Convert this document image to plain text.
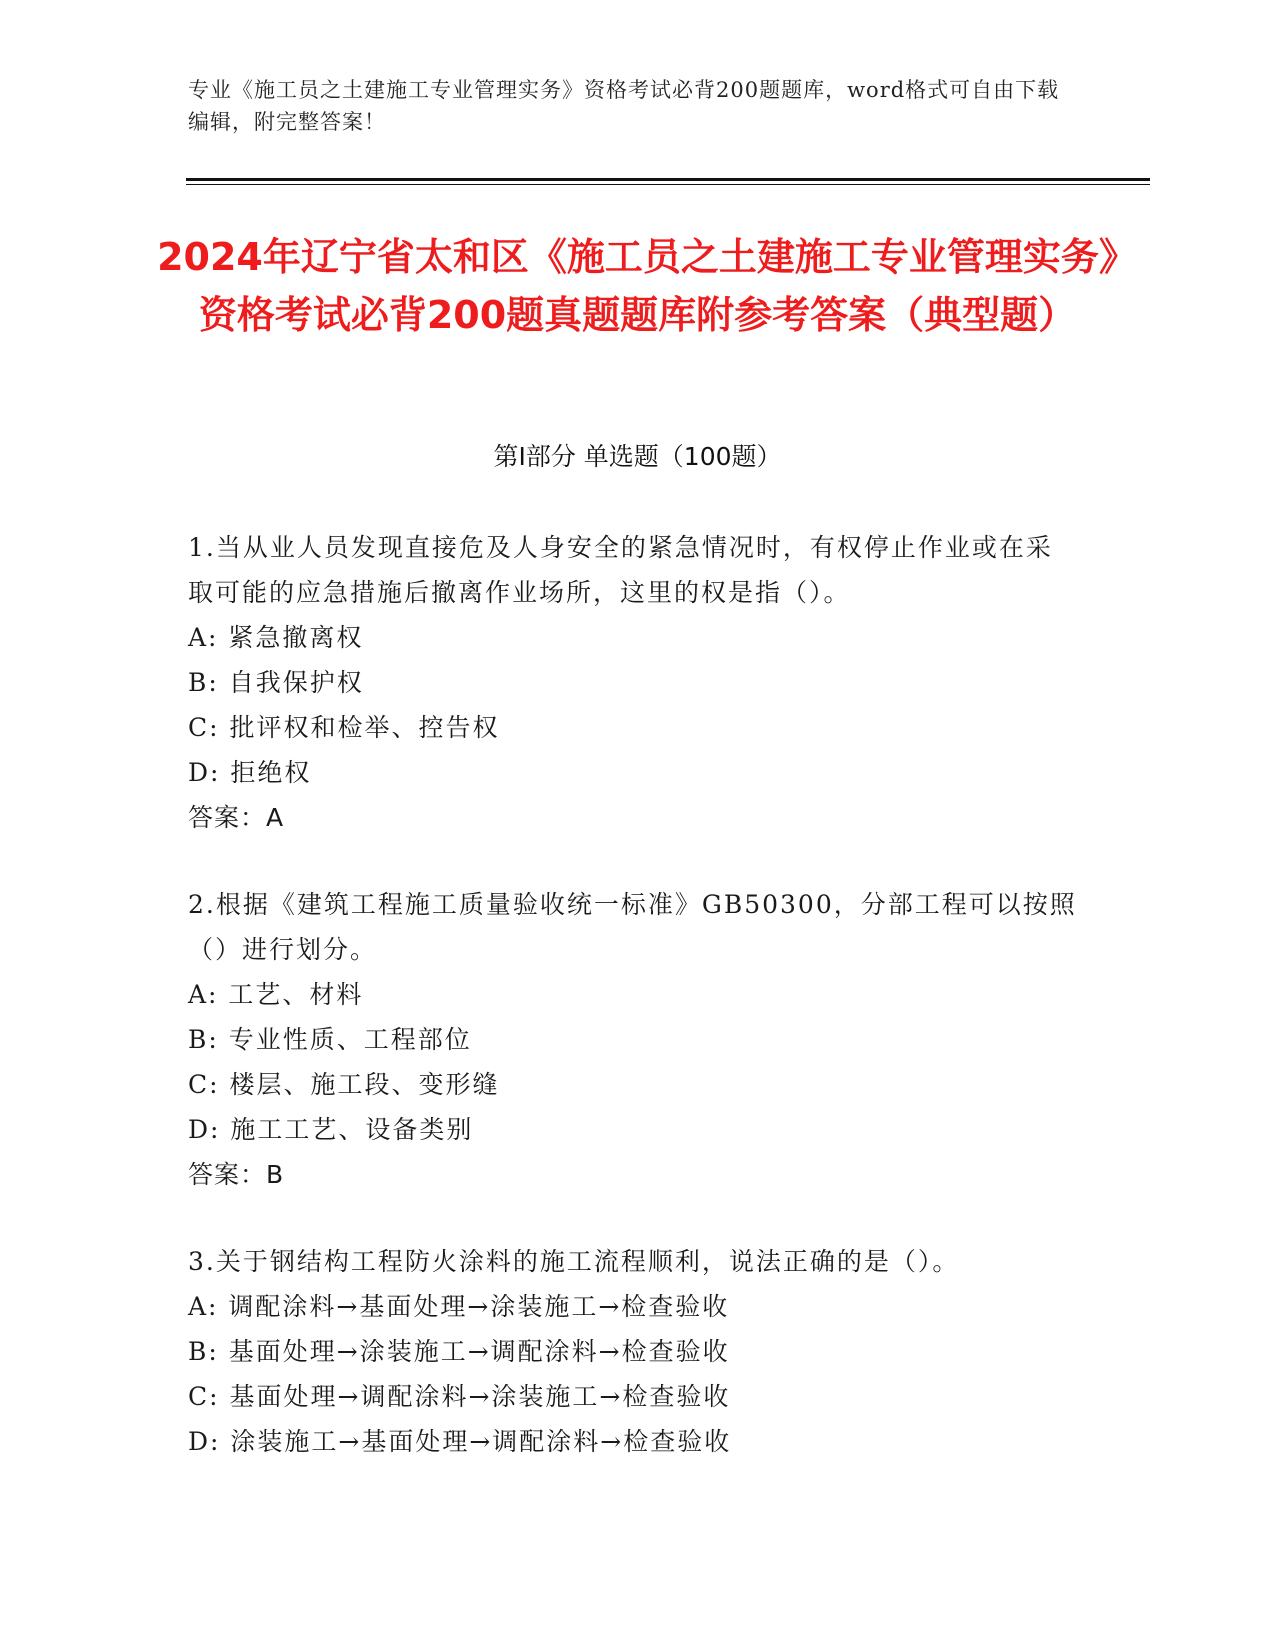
专业《施工员之土建施工专业管理实务》资格考试必背200题题库，word格式可自由下载编辑，附完整答案！
2024年辽宁省太和区《施工员之土建施工专业管理实务》资格考试必背200题真题题库附参考答案（典型题）
第Ⅰ部分 单选题（100题）
1.当从业人员发现直接危及人身安全的紧急情况时，有权停止作业或在采取可能的应急措施后撤离作业场所，这里的权是指（）。
A: 紧急撤离权
B: 自我保护权
C: 批评权和检举、控告权
D: 拒绝权
答案：A
2.根据《建筑工程施工质量验收统一标准》GB50300，分部工程可以按照（）进行划分。
A: 工艺、材料
B: 专业性质、工程部位
C: 楼层、施工段、变形缝
D: 施工工艺、设备类别
答案：B
3.关于钢结构工程防火涂料的施工流程顺利，说法正确的是（）。
A: 调配涂料→基面处理→涂装施工→检查验收
B: 基面处理→涂装施工→调配涂料→检查验收
C: 基面处理→调配涂料→涂装施工→检查验收
D: 涂装施工→基面处理→调配涂料→检查验收
